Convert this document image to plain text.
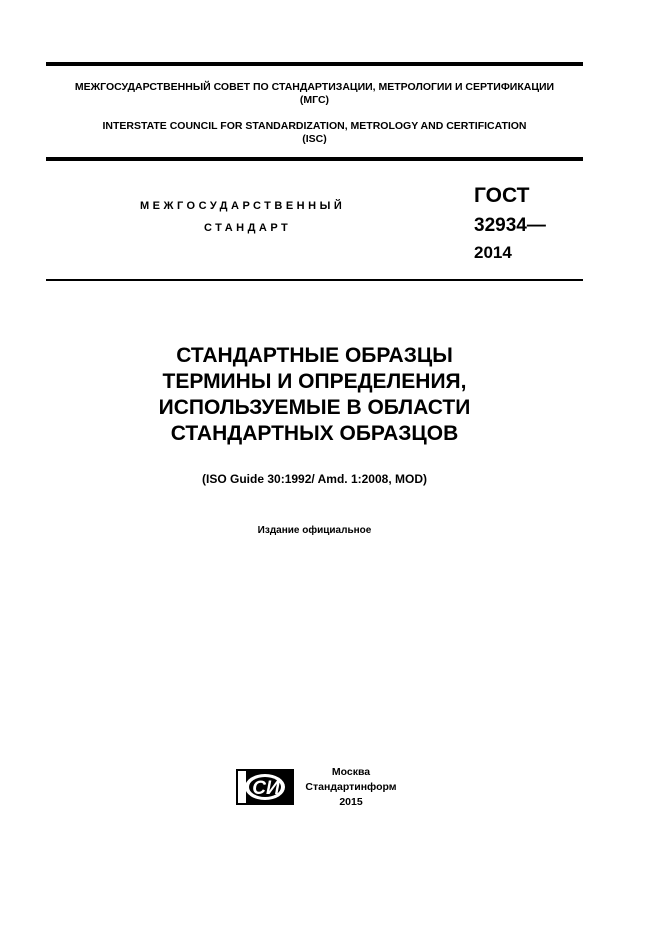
МЕЖГОСУДАРСТВЕННЫЙ СОВЕТ ПО СТАНДАРТИЗАЦИИ, МЕТРОЛОГИИ И СЕРТИФИКАЦИИ
(МГС)
INTERSTATE COUNCIL FOR STANDARDIZATION, METROLOGY AND CERTIFICATION
(ISC)
МЕЖГОСУДАРСТВЕННЫЙ
СТАНДАРТ
ГОСТ
32934—
2014
СТАНДАРТНЫЕ ОБРАЗЦЫ
ТЕРМИНЫ И ОПРЕДЕЛЕНИЯ,
ИСПОЛЬЗУЕМЫЕ В ОБЛАСТИ
СТАНДАРТНЫХ ОБРАЗЦОВ
(ISO Guide 30:1992/ Amd. 1:2008, MOD)
Издание официальное
СИ
Москва
Стандартинформ
2015
